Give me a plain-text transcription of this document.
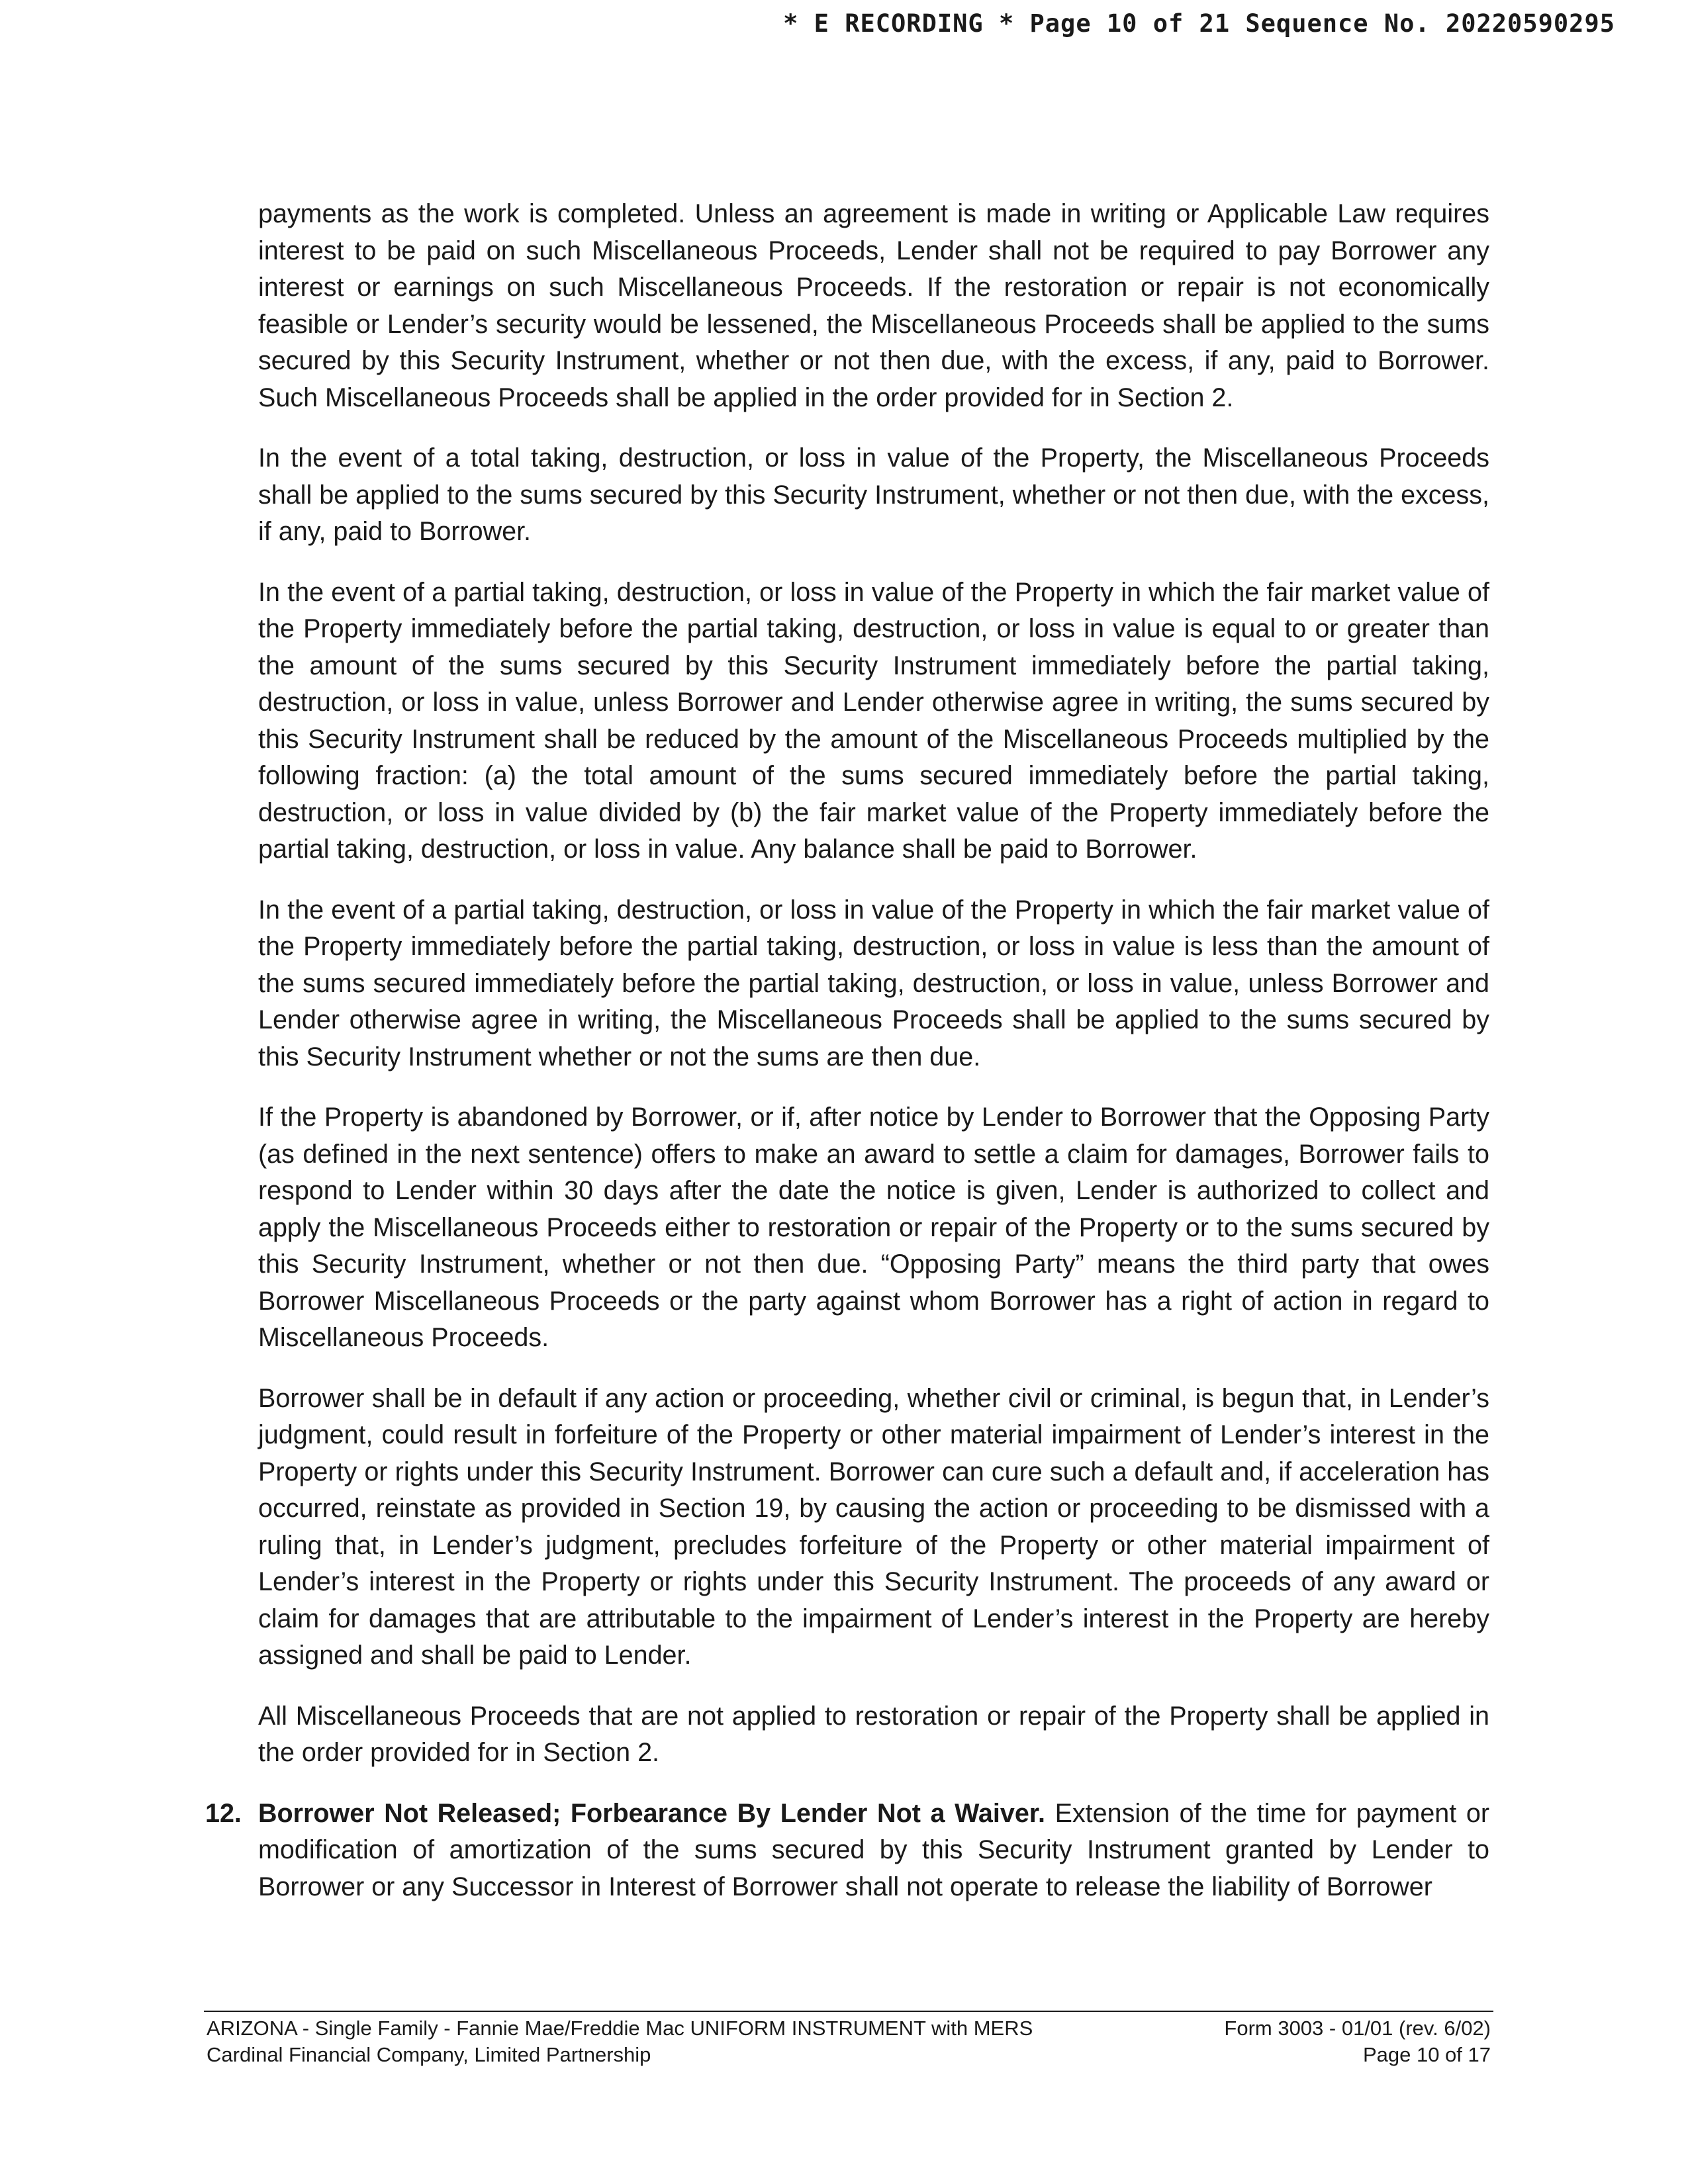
* E RECORDING * Page 10 of 21 Sequence No. 20220590295

payments as the work is completed. Unless an agreement is made in writing or Applicable Law requires interest to be paid on such Miscellaneous Proceeds, Lender shall not be required to pay Borrower any interest or earnings on such Miscellaneous Proceeds. If the restoration or repair is not economically feasible or Lender’s security would be lessened, the Miscellaneous Proceeds shall be applied to the sums secured by this Security Instrument, whether or not then due, with the excess, if any, paid to Borrower. Such Miscellaneous Proceeds shall be applied in the order provided for in Section 2.

In the event of a total taking, destruction, or loss in value of the Property, the Miscellaneous Proceeds shall be applied to the sums secured by this Security Instrument, whether or not then due, with the excess, if any, paid to Borrower.

In the event of a partial taking, destruction, or loss in value of the Property in which the fair market value of the Property immediately before the partial taking, destruction, or loss in value is equal to or greater than the amount of the sums secured by this Security Instrument immediately before the partial taking, destruction, or loss in value, unless Borrower and Lender otherwise agree in writing, the sums secured by this Security Instrument shall be reduced by the amount of the Miscellaneous Proceeds multiplied by the following fraction: (a) the total amount of the sums secured immediately before the partial taking, destruction, or loss in value divided by (b) the fair market value of the Property immediately before the partial taking, destruction, or loss in value. Any balance shall be paid to Borrower.

In the event of a partial taking, destruction, or loss in value of the Property in which the fair market value of the Property immediately before the partial taking, destruction, or loss in value is less than the amount of the sums secured immediately before the partial taking, destruction, or loss in value, unless Borrower and Lender otherwise agree in writing, the Miscellaneous Proceeds shall be applied to the sums secured by this Security Instrument whether or not the sums are then due.

If the Property is abandoned by Borrower, or if, after notice by Lender to Borrower that the Opposing Party (as defined in the next sentence) offers to make an award to settle a claim for damages, Borrower fails to respond to Lender within 30 days after the date the notice is given, Lender is authorized to collect and apply the Miscellaneous Proceeds either to restoration or repair of the Property or to the sums secured by this Security Instrument, whether or not then due. “Opposing Party” means the third party that owes Borrower Miscellaneous Proceeds or the party against whom Borrower has a right of action in regard to Miscellaneous Proceeds.

Borrower shall be in default if any action or proceeding, whether civil or criminal, is begun that, in Lender’s judgment, could result in forfeiture of the Property or other material impairment of Lender’s interest in the Property or rights under this Security Instrument. Borrower can cure such a default and, if acceleration has occurred, reinstate as provided in Section 19, by causing the action or proceeding to be dismissed with a ruling that, in Lender’s judgment, precludes forfeiture of the Property or other material impairment of Lender’s interest in the Property or rights under this Security Instrument. The proceeds of any award or claim for damages that are attributable to the impairment of Lender’s interest in the Property are hereby assigned and shall be paid to Lender.

All Miscellaneous Proceeds that are not applied to restoration or repair of the Property shall be applied in the order provided for in Section 2.

12. Borrower Not Released; Forbearance By Lender Not a Waiver. Extension of the time for payment or modification of amortization of the sums secured by this Security Instrument granted by Lender to Borrower or any Successor in Interest of Borrower shall not operate to release the liability of Borrower

ARIZONA - Single Family - Fannie Mae/Freddie Mac UNIFORM INSTRUMENT with MERS	Form 3003 - 01/01 (rev. 6/02)
Cardinal Financial Company, Limited Partnership	Page 10 of 17
